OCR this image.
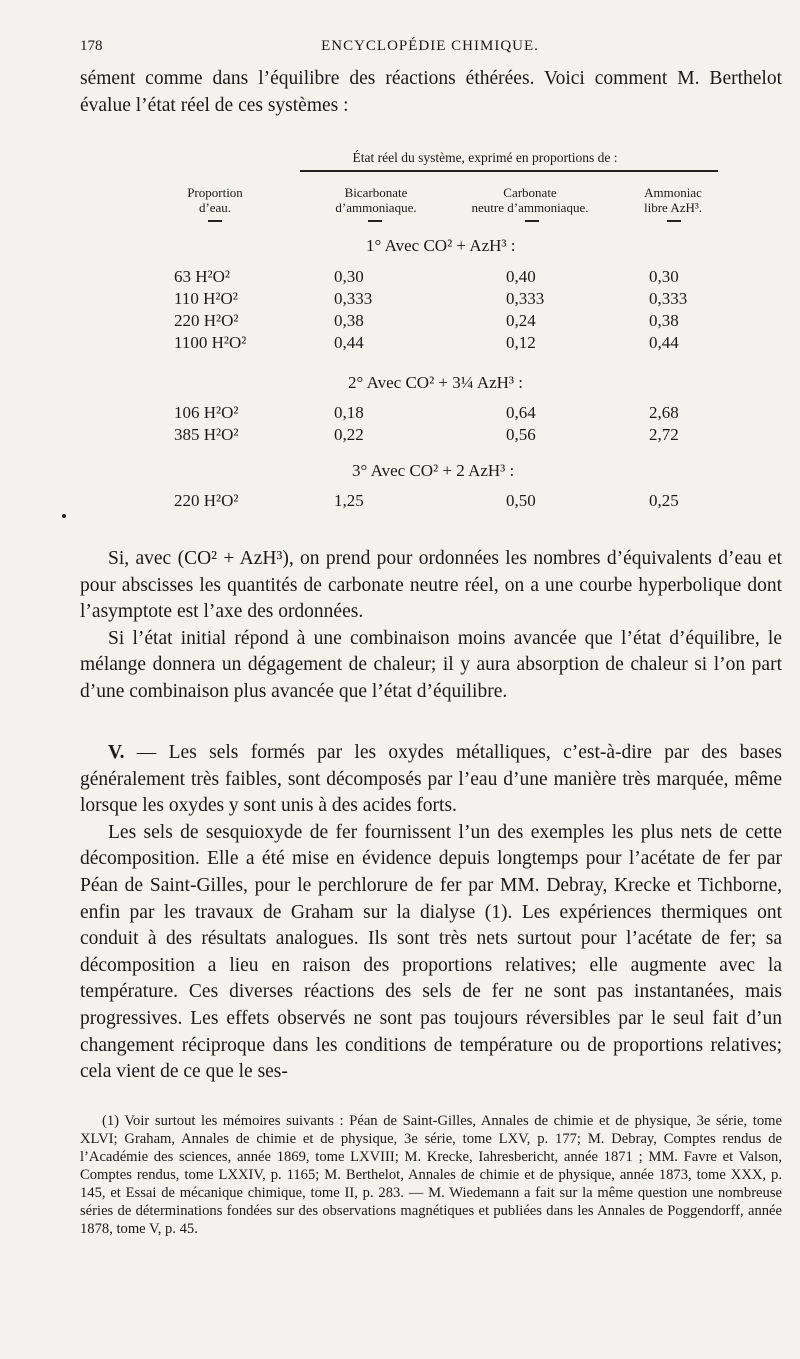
178	ENCYCLOPÉDIE CHIMIQUE.

sément comme dans l’équilibre des réactions éthérées. Voici comment M. Berthelot évalue l’état réel de ces systèmes :

État réel du système, exprimé en proportions de :
Proportion
d’eau.
Bicarbonate
d’ammoniaque.
Carbonate
neutre d’ammoniaque.
Ammoniac
libre AzH³.
1° Avec CO² + AzH³ :
63 H²O²	0,30	0,40	0,30
110 H²O²	0,333	0,333	0,333
220 H²O²	0,38	0,24	0,38
1100 H²O²	0,44	0,12	0,44
2° Avec CO² + 3¼ AzH³ :
106 H²O²	0,18	0,64	2,68
385 H²O²	0,22	0,56	2,72
3° Avec CO² + 2 AzH³ :
220 H²O²	1,25	0,50	0,25

Si, avec (CO² + AzH³), on prend pour ordonnées les nombres d’équivalents d’eau et pour abscisses les quantités de carbonate neutre réel, on a une courbe hyperbolique dont l’asymptote est l’axe des ordonnées.

Si l’état initial répond à une combinaison moins avancée que l’état d’équilibre, le mélange donnera un dégagement de chaleur; il y aura absorption de chaleur si l’on part d’une combinaison plus avancée que l’état d’équilibre.

V. — Les sels formés par les oxydes métalliques, c’est-à-dire par des bases généralement très faibles, sont décomposés par l’eau d’une manière très marquée, même lorsque les oxydes y sont unis à des acides forts.

Les sels de sesquioxyde de fer fournissent l’un des exemples les plus nets de cette décomposition. Elle a été mise en évidence depuis longtemps pour l’acétate de fer par Péan de Saint-Gilles, pour le perchlorure de fer par MM. Debray, Krecke et Tichborne, enfin par les travaux de Graham sur la dialyse (1). Les expériences thermiques ont conduit à des résultats analogues. Ils sont très nets surtout pour l’acétate de fer; sa décomposition a lieu en raison des proportions relatives; elle augmente avec la température. Ces diverses réactions des sels de fer ne sont pas instantanées, mais progressives. Les effets observés ne sont pas toujours réversibles par le seul fait d’un changement réciproque dans les conditions de température ou de proportions relatives; cela vient de ce que le ses-

(1) Voir surtout les mémoires suivants : Péan de Saint-Gilles, Annales de chimie et de physique, 3e série, tome XLVI; Graham, Annales de chimie et de physique, 3e série, tome LXV, p. 177; M. Debray, Comptes rendus de l’Académie des sciences, année 1869, tome LXVIII; M. Krecke, Iahresbericht, année 1871 ; MM. Favre et Valson, Comptes rendus, tome LXXIV, p. 1165; M. Berthelot, Annales de chimie et de physique, année 1873, tome XXX, p. 145, et Essai de mécanique chimique, tome II, p. 283. — M. Wiedemann a fait sur la même question une nombreuse séries de déterminations fondées sur des observations magnétiques et publiées dans les Annales de Poggendorff, année 1878, tome V, p. 45.
